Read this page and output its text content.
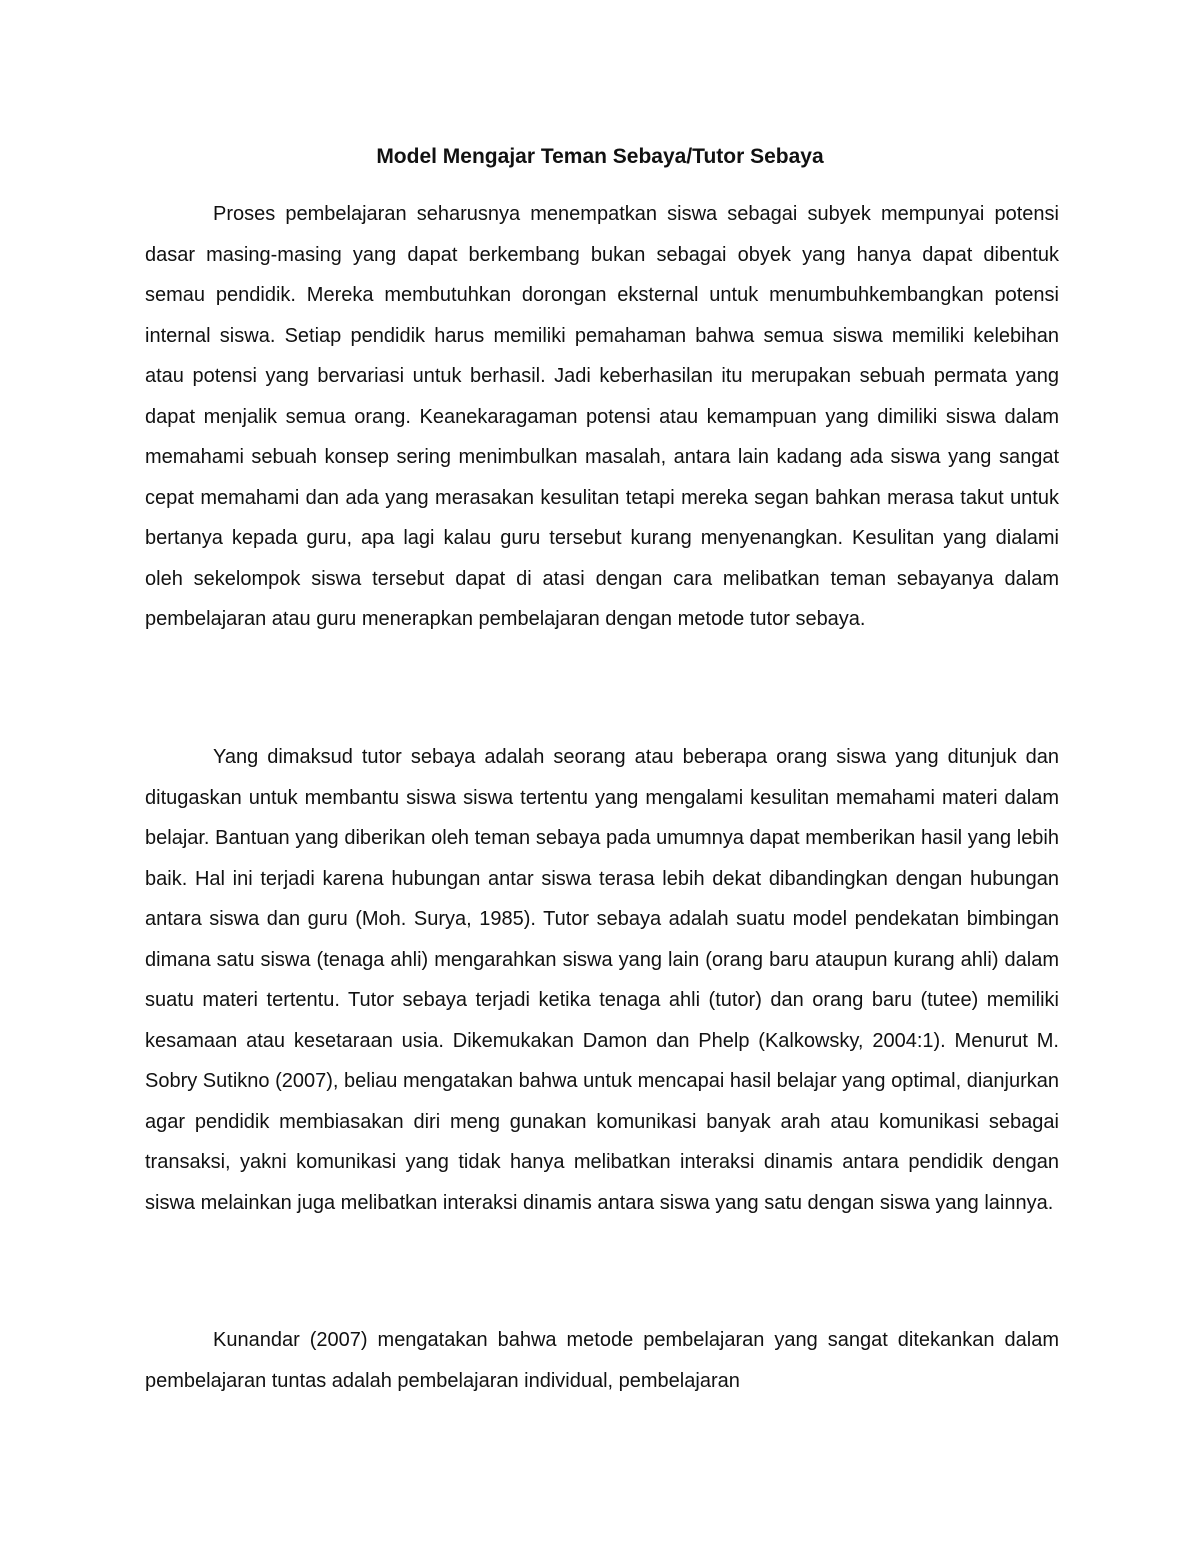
Model Mengajar Teman Sebaya/Tutor Sebaya

Proses pembelajaran seharusnya menempatkan siswa sebagai subyek mempunyai potensi dasar masing-masing yang dapat berkembang bukan sebagai obyek yang hanya dapat dibentuk semau pendidik. Mereka membutuhkan dorongan eksternal untuk menumbuhkembangkan potensi internal siswa. Setiap pendidik harus memiliki pemahaman bahwa semua siswa memiliki kelebihan atau potensi yang bervariasi untuk berhasil. Jadi keberhasilan itu merupakan sebuah permata yang dapat menjalik semua orang. Keanekaragaman potensi atau kemampuan yang dimiliki siswa dalam memahami sebuah konsep sering menimbulkan masalah, antara lain kadang ada siswa yang sangat cepat memahami dan ada yang merasakan kesulitan tetapi mereka segan bahkan merasa takut untuk bertanya kepada guru, apa lagi kalau guru tersebut kurang menyenangkan. Kesulitan yang dialami oleh sekelompok siswa tersebut dapat di atasi dengan cara melibatkan teman sebayanya dalam pembelajaran atau guru menerapkan pembelajaran dengan metode tutor sebaya.

Yang dimaksud tutor sebaya adalah seorang atau beberapa orang siswa yang ditunjuk dan ditugaskan untuk membantu siswa siswa tertentu yang mengalami kesulitan memahami materi dalam belajar. Bantuan yang diberikan oleh teman sebaya pada umumnya dapat memberikan hasil yang lebih baik. Hal ini terjadi karena hubungan antar siswa terasa lebih dekat dibandingkan dengan hubungan antara siswa dan guru (Moh. Surya, 1985). Tutor sebaya adalah suatu model pendekatan bimbingan dimana satu siswa (tenaga ahli) mengarahkan siswa yang lain (orang baru ataupun kurang ahli) dalam suatu materi tertentu. Tutor sebaya terjadi ketika tenaga ahli (tutor) dan orang baru (tutee) memiliki kesamaan atau kesetaraan usia. Dikemukakan Damon dan Phelp (Kalkowsky, 2004:1). Menurut M. Sobry Sutikno (2007), beliau mengatakan bahwa untuk mencapai hasil belajar yang optimal, dianjurkan agar pendidik membiasakan diri meng gunakan komunikasi banyak arah atau komunikasi sebagai transaksi, yakni komunikasi yang tidak hanya melibatkan interaksi dinamis antara pendidik dengan siswa melainkan juga melibatkan interaksi dinamis antara siswa yang satu dengan siswa yang lainnya.

Kunandar (2007) mengatakan bahwa metode pembelajaran yang sangat ditekankan dalam pembelajaran tuntas adalah pembelajaran individual, pembelajaran
